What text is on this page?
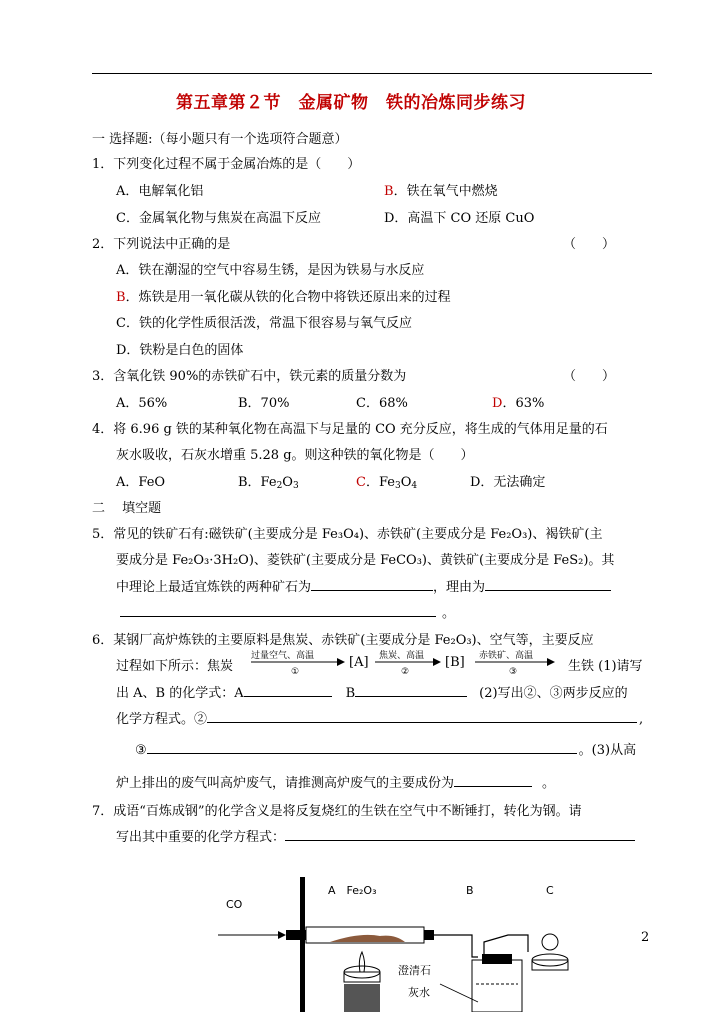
第五章第２节　金属矿物　铁的冶炼同步练习
一 选择题:（每小题只有一个选项符合题意）
1．下列变化过程不属于金属冶炼的是（　　）
A．电解氧化铝	B．铁在氧气中燃烧
C．金属氧化物与焦炭在高温下反应	D．高温下 CO 还原 CuO
2．下列说法中正确的是	（　　）
A．铁在潮湿的空气中容易生锈，是因为铁易与水反应
B．炼铁是用一氧化碳从铁的化合物中将铁还原出来的过程
C．铁的化学性质很活泼，常温下很容易与氧气反应
D．铁粉是白色的固体
3．含氧化铁 90%的赤铁矿石中，铁元素的质量分数为	（　　）
A．56%	B．70%	C．68%	D．63%
4．将 6.96 g 铁的某种氧化物在高温下与足量的 CO 充分反应，将生成的气体用足量的石
灰水吸收，石灰水增重 5.28 g。则这种铁的氧化物是（　　）
A．FeO	B．$Fe_2O_3$	C．$Fe_3O_4$	D．无法确定
二　 填空题
5．常见的铁矿石有:磁铁矿(主要成分是 Fe₃O₄)、赤铁矿(主要成分是 Fe₂O₃)、褐铁矿(主
要成分是 Fe₂O₃·3H₂O)、菱铁矿(主要成分是 FeCO₃)、黄铁矿(主要成分是 FeS₂)。其
中理论上最适宜炼铁的两种矿石为	，理由为
。
6．某钢厂高炉炼铁的主要原料是焦炭、赤铁矿(主要成分是 Fe₂O₃)、空气等，主要反应
过程如下所示：焦炭
过量空气、高温
①
[A] 焦炭、高温
②
[B] 赤铁矿、高温
③	生铁 (1)请写
出 A、B 的化学式：A	B	(2)写出②、③两步反应的
化学方程式。②	,
③	。(3)从高
炉上排出的废气叫高炉废气，请推测高炉废气的主要成份为	。
7．成语“百炼成钢”的化学含义是将反复烧红的生铁在空气中不断锤打，转化为钢。请
写出其中重要的化学方程式：
CO
A　Fe₂O₃	B	C
澄清石
灰水
2
